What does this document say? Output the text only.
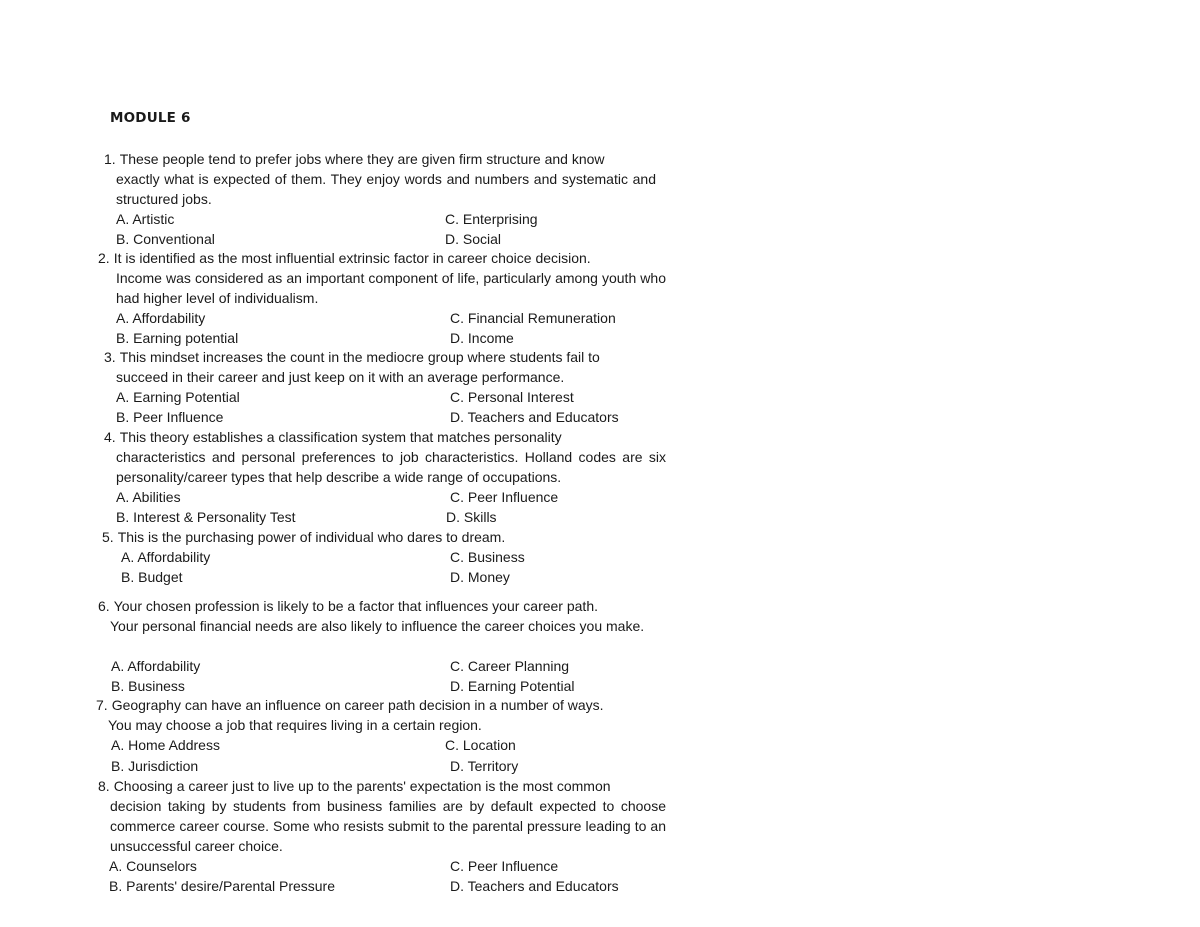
MODULE 6
1. These people tend to prefer jobs where they are given firm structure and know
exactly what is expected of them. They enjoy words and numbers and systematic and structured jobs.
A. Artistic
B. Conventional
C. Enterprising
D. Social
2. It is identified as the most influential extrinsic factor in career choice decision.
Income was considered as an important component of life, particularly among youth who had higher level of individualism.
A. Affordability
B. Earning potential
C. Financial Remuneration
D. Income
3. This mindset increases the count in the mediocre group where students fail to
succeed in their career and just keep on it with an average performance.
A. Earning Potential
B. Peer Influence
C. Personal Interest
D. Teachers and Educators
4. This theory establishes a classification system that matches personality
characteristics and personal preferences to job characteristics. Holland codes are six personality/career types that help describe a wide range of occupations.
A. Abilities
B. Interest & Personality Test
C. Peer Influence
D. Skills
5. This is the purchasing power of individual who dares to dream.
A. Affordability
B. Budget
C. Business
D. Money
6. Your chosen profession is likely to be a factor that influences your career path.
Your personal financial needs are also likely to influence the career choices you make.
A. Affordability
B. Business
C. Career Planning
D. Earning Potential
7. Geography can have an influence on career path decision in a number of ways.
You may choose a job that requires living in a certain region.
A. Home Address
B. Jurisdiction
C. Location
D. Territory
8. Choosing a career just to live up to the parents' expectation is the most common
decision taking by students from business families are by default expected to choose commerce career course. Some who resists submit to the parental pressure leading to an unsuccessful career choice.
A. Counselors
B. Parents' desire/Parental Pressure
C. Peer Influence
D. Teachers and Educators
